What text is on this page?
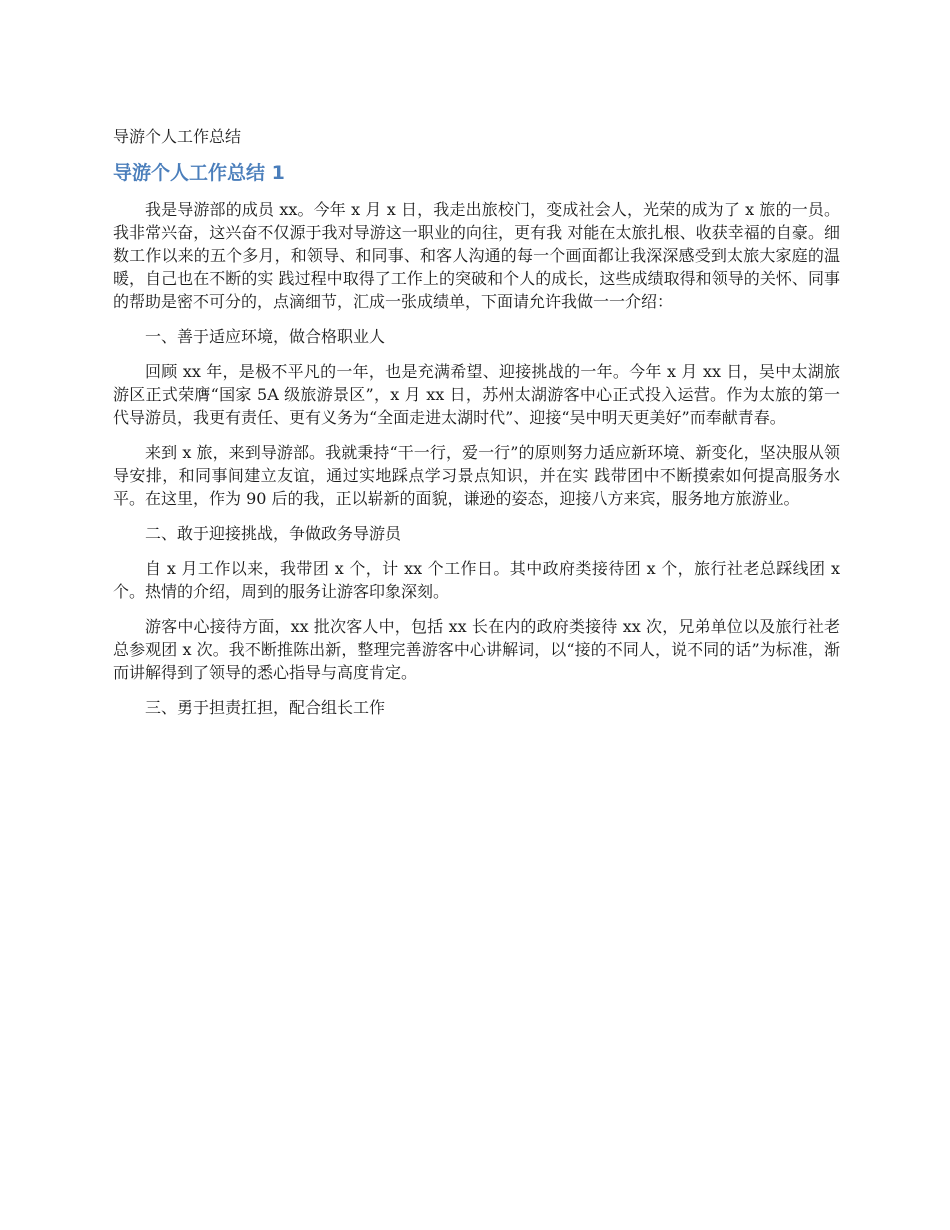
导游个人工作总结
导游个人工作总结 1

我是导游部的成员 xx。今年 x 月 x 日，我走出旅校门，变成社会人，光荣的成为了 x 旅的一员。我非常兴奋，这兴奋不仅源于我对导游这一职业的向往，更有我 对能在太旅扎根、收获幸福的自豪。细数工作以来的五个多月，和领导、和同事、和客人沟通的每一个画面都让我深深感受到太旅大家庭的温暖，自己也在不断的实 践过程中取得了工作上的突破和个人的成长，这些成绩取得和领导的关怀、同事的帮助是密不可分的，点滴细节，汇成一张成绩单，下面请允许我做一一介绍：

一、善于适应环境，做合格职业人

回顾 xx 年，是极不平凡的一年，也是充满希望、迎接挑战的一年。今年 x 月 xx 日，吴中太湖旅游区正式荣膺“国家 5A 级旅游景区”，x 月 xx 日，苏州太湖游客中心正式投入运营。作为太旅的第一代导游员，我更有责任、更有义务为“全面走进太湖时代”、迎接“吴中明天更美好”而奉献青春。

来到 x 旅，来到导游部。我就秉持“干一行，爱一行”的原则努力适应新环境、新变化，坚决服从领导安排，和同事间建立友谊，通过实地踩点学习景点知识，并在实 践带团中不断摸索如何提高服务水平。在这里，作为 90 后的我，正以崭新的面貌，谦逊的姿态，迎接八方来宾，服务地方旅游业。

二、敢于迎接挑战，争做政务导游员

自 x 月工作以来，我带团 x 个，计 xx 个工作日。其中政府类接待团 x 个，旅行社老总踩线团 x 个。热情的介绍，周到的服务让游客印象深刻。

游客中心接待方面，xx 批次客人中，包括 xx 长在内的政府类接待 xx 次，兄弟单位以及旅行社老总参观团 x 次。我不断推陈出新，整理完善游客中心讲解词，以“接的不同人，说不同的话”为标准，渐而讲解得到了领导的悉心指导与高度肯定。

三、勇于担责扛担，配合组长工作
